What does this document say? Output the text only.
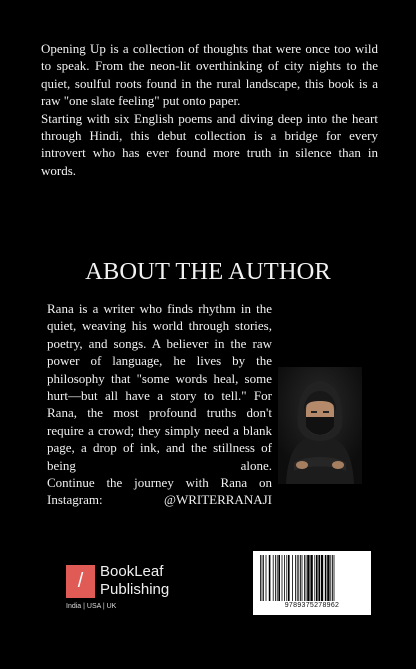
Opening Up is a collection of thoughts that were once too wild to speak. From the neon-lit overthinking of city nights to the quiet, soulful roots found in the rural landscape, this book is a raw "one slate feeling" put onto paper.

Starting with six English poems and diving deep into the heart through Hindi, this debut collection is a bridge for every introvert who has ever found more truth in silence than in words.

ABOUT THE AUTHOR

Rana is a writer who finds rhythm in the quiet, weaving his world through stories, poetry, and songs. A believer in the raw power of language, he lives by the philosophy that "some words heal, some hurt—but all have a story to tell." For Rana, the most profound truths don't require a crowd; they simply need a blank page, a drop of ink, and the stillness of being alone.

Continue the journey with Rana on Instagram: @WRITERRANAJI

/	BookLeaf
Publishing
India | USA | UK	9789375278962
